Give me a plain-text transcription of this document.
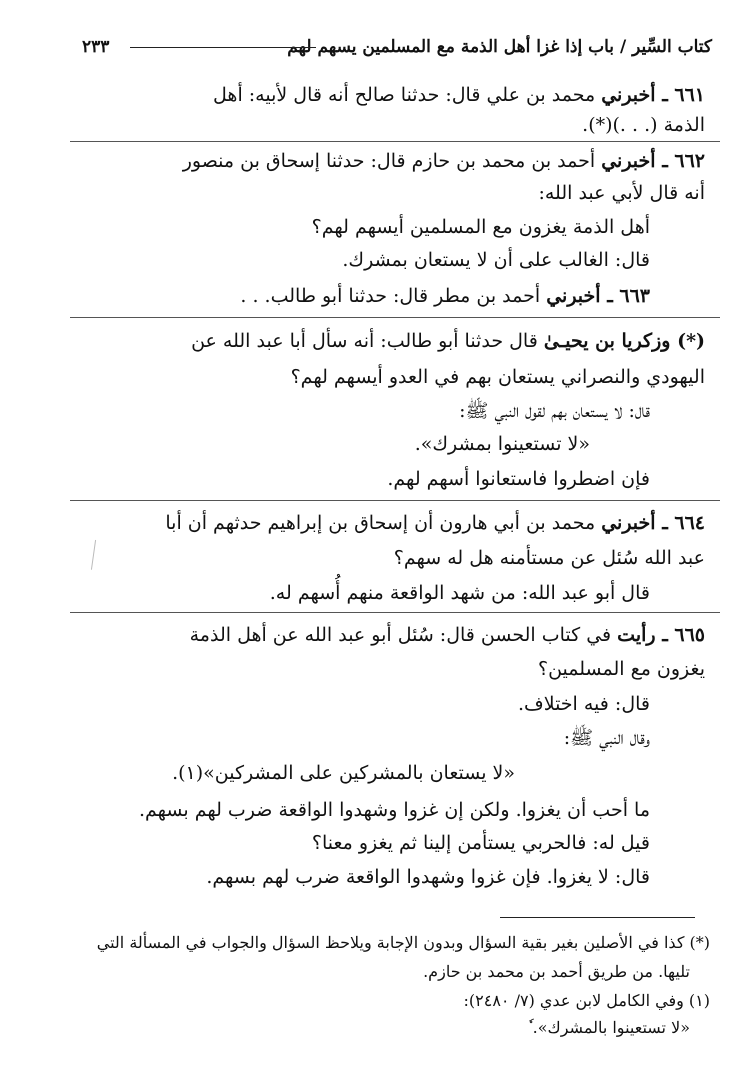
كتاب السِّير / باب إذا غزا أهل الذمة مع المسلمين يسهم لهم
٢٣٣
٦٦١ ـ أخبرني محمد بن علي قال: حدثنا صالح أنه قال لأبيه: أهل
الذمة (. . .)(*).
٦٦٢ ـ أخبرني أحمد بن محمد بن حازم قال: حدثنا إسحاق بن منصور
أنه قال لأبي عبد الله:
أهل الذمة يغزون مع المسلمين أيسهم لهم؟
قال: الغالب على أن لا يستعان بمشرك.
٦٦٣ ـ أخبرني أحمد بن مطر قال: حدثنا أبو طالب. . .
(*) وزكريا بن يحيـىٰ قال حدثنا أبو طالب: أنه سأل أبا عبد الله عن
اليهودي والنصراني يستعان بهم في العدو أيسهم لهم؟
قال: لا يستعان بهم لقول النبي ﷺ:
«لا تستعينوا بمشرك».
فإن اضطروا فاستعانوا أسهم لهم.
٦٦٤ ـ أخبرني محمد بن أبي هارون أن إسحاق بن إبراهيم حدثهم أن أبا
عبد الله سُئل عن مستأمنه هل له سهم؟
قال أبو عبد الله: من شهد الواقعة منهم أُسهم له.
٦٦٥ ـ رأيت في كتاب الحسن قال: سُئل أبو عبد الله عن أهل الذمة
يغزون مع المسلمين؟
قال: فيه اختلاف.
وقال النبي ﷺ:
«لا يستعان بالمشركين على المشركين»(١).
ما أحب أن يغزوا. ولكن إن غزوا وشهدوا الواقعة ضرب لهم بسهم.
قيل له: فالحربي يستأمن إلينا ثم يغزو معنا؟
قال: لا يغزوا. فإن غزوا وشهدوا الواقعة ضرب لهم بسهم.
(*) كذا في الأصلين بغير بقية السؤال وبدون الإجابة ويلاحظ السؤال والجواب في المسألة التي
تليها. من طريق أحمد بن محمد بن حازم.
(١) وفي الكامل لابن عدي (٧/ ٢٤٨٠):
«لا تستعينوا بالمشرك». ٗ
